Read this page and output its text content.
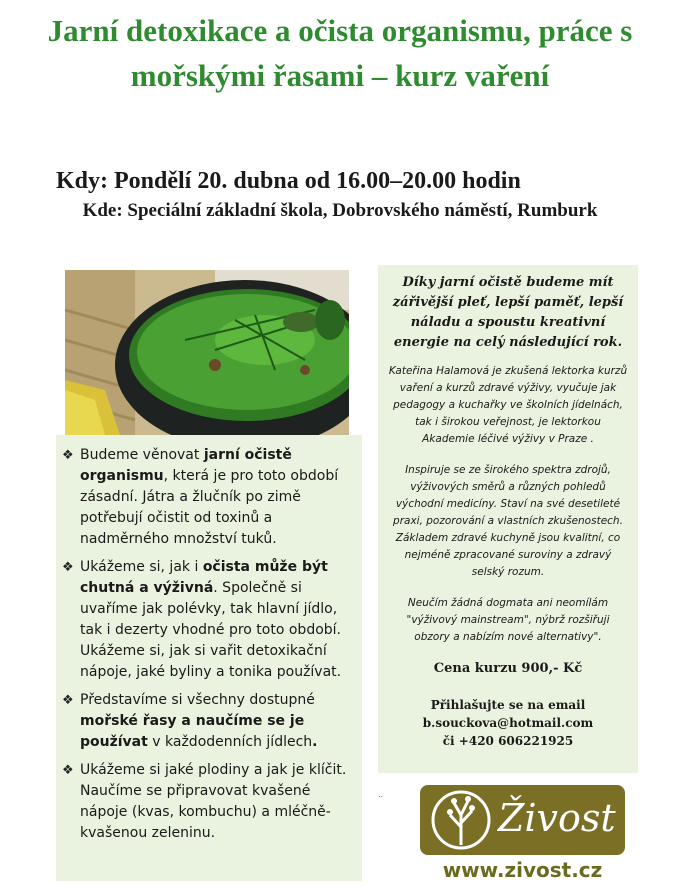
Jarní detoxikace a očista organismu, práce s mořskými řasami – kurz vaření
Kdy: Pondělí 20. dubna od 16.00–20.00 hodin
Kde: Speciální základní škola, Dobrovského náměstí, Rumburk
❖ Budeme věnovat jarní očistě organismu, která je pro toto období zásadní. Játra a žlučník po zimě potřebují očistit od toxinů a nadměrného množství tuků.
❖ Ukážeme si, jak i očista může být chutná a výživná. Společně si uvaříme jak polévky, tak hlavní jídlo, tak i dezerty vhodné pro toto období. Ukážeme si, jak si vařit detoxikační nápoje, jaké byliny a tonika používat.
❖ Představíme si všechny dostupné mořské řasy a naučíme se je používat v každodenních jídlech.
❖ Ukážeme si jaké plodiny a jak je klíčit. Naučíme se připravovat kvašené nápoje (kvas, kombuchu) a mléčně-kvašenou zeleninu.

Díky jarní očistě budeme mít zářivější pleť, lepší paměť, lepší náladu a spoustu kreativní energie na celý následující rok.

Kateřina Halamová je zkušená lektorka kurzů vaření a kurzů zdravé výživy, vyučuje jak pedagogy a kuchařky ve školních jídelnách, tak i širokou veřejnost, je lektorkou Akademie léčivé výživy v Praze .

Inspiruje se ze širokého spektra zdrojů, výživových směrů a různých pohledů východní medicíny. Staví na své desetileté praxi, pozorování a vlastních zkušenostech. Základem zdravé kuchyně jsou kvalitní, co nejméně zpracované suroviny a zdravý selský rozum.

Neučím žádná dogmata ani neomílám "výživový mainstream", nýbrž rozšiřuji obzory a nabízím nové alternativy".

Cena kurzu 900,- Kč

Přihlašujte se na email

b.souckova@hotmail.com

či +420 606221925

..
Živost
www.zivost.cz
